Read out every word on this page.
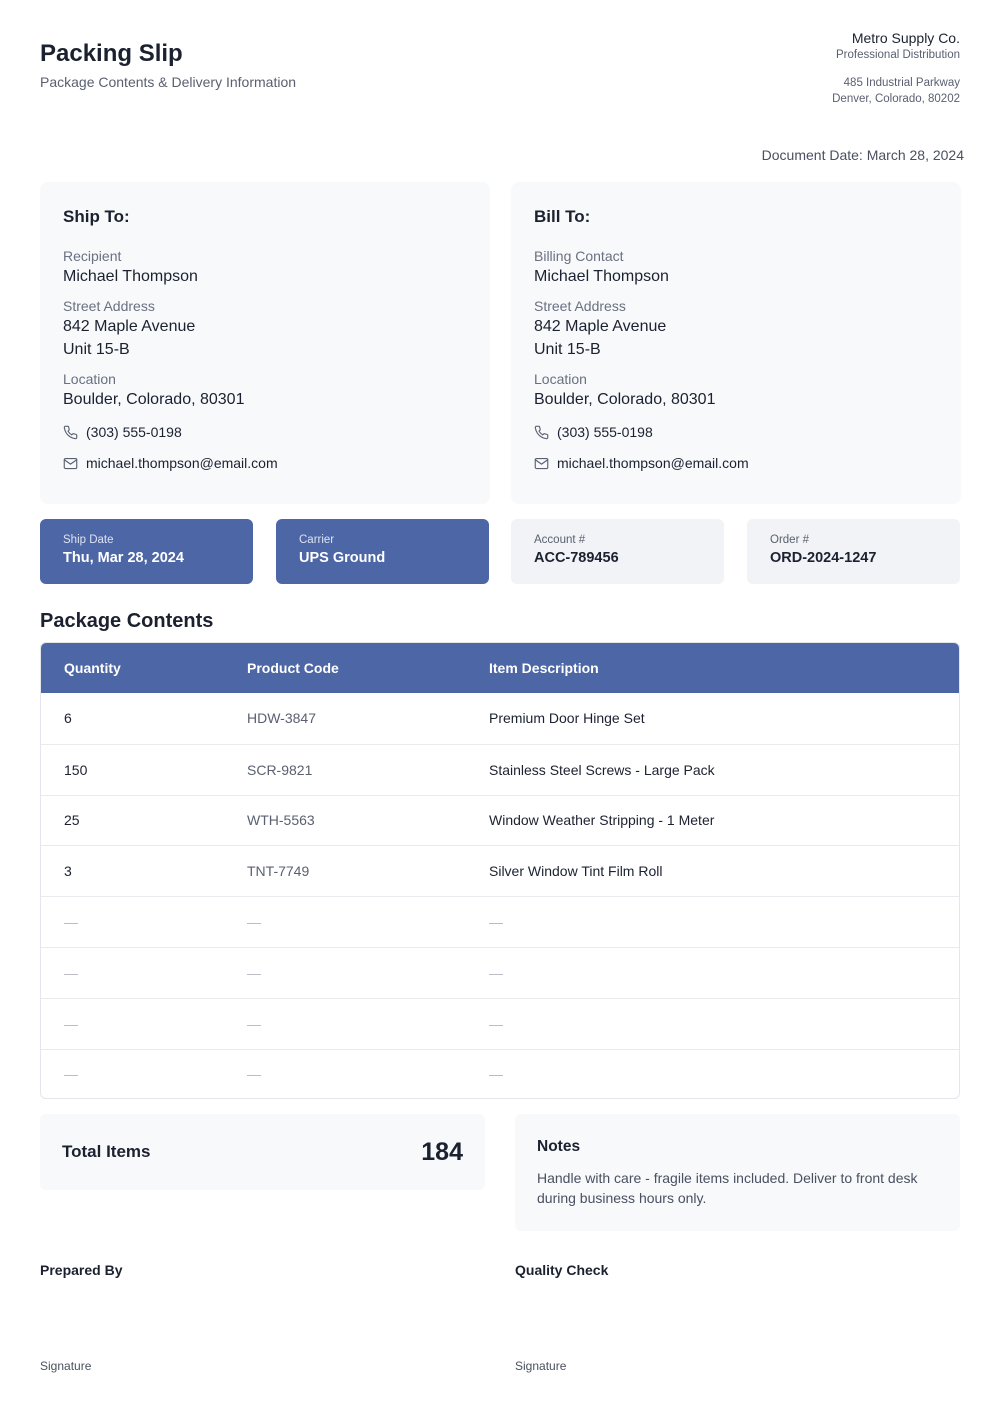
Packing Slip
Package Contents & Delivery Information
Metro Supply Co.
Professional Distribution
485 Industrial Parkway
Denver, Colorado, 80202
Document Date: March 28, 2024
Ship To:
Recipient
Michael Thompson
Street Address
842 Maple Avenue
Unit 15-B
Location
Boulder, Colorado, 80301
(303) 555-0198
michael.thompson@email.com
Bill To:
Billing Contact
Michael Thompson
Street Address
842 Maple Avenue
Unit 15-B
Location
Boulder, Colorado, 80301
(303) 555-0198
michael.thompson@email.com
Ship Date
Thu, Mar 28, 2024
Carrier
UPS Ground
Account #
ACC-789456
Order #
ORD-2024-1247
Package Contents
Quantity	Product Code	Item Description
6	HDW-3847	Premium Door Hinge Set
150	SCR-9821	Stainless Steel Screws - Large Pack
25	WTH-5563	Window Weather Stripping - 1 Meter
3	TNT-7749	Silver Window Tint Film Roll
—	—	—
—	—	—
—	—	—
—	—	—
Total Items	184	Notes
Handle with care - fragile items included. Deliver to front desk during business hours only.
Prepared By
Signature
Quality Check
Signature
